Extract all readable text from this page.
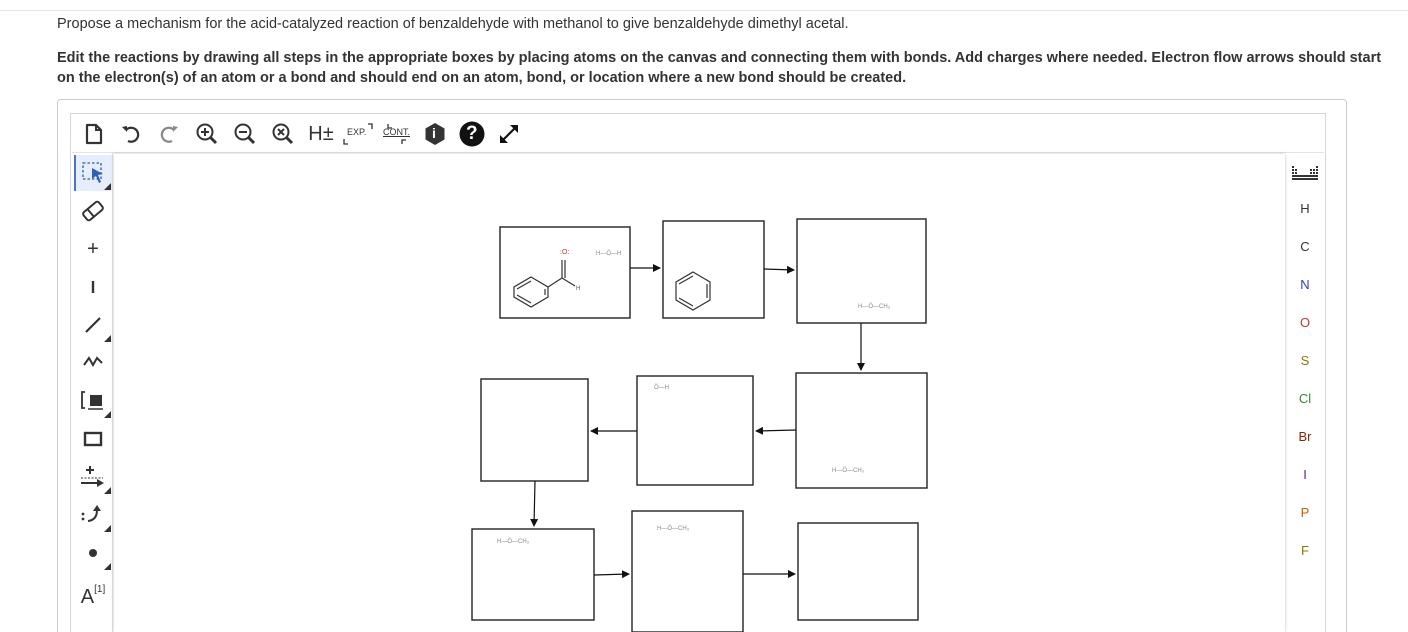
Propose a mechanism for the acid-catalyzed reaction of benzaldehyde with methanol to give benzaldehyde dimethyl acetal.
Edit the reactions by drawing all steps in the appropriate boxes by placing atoms on the canvas and connecting them with bonds. Add charges where needed. Electron flow arrows should start on the electron(s) of an atom or a bond and should end on an atom, bond, or location where a new bond should be created.
H± EXP. CONT. i ?
+
A [1]
H
C
N
O
S
Cl
Br
I
P
F
:O:
H
H—Ö—H
H—Ö—CH₃
H—Ö—CH₃
Ö—H
H—Ö—CH₃
H—Ö—CH₃
